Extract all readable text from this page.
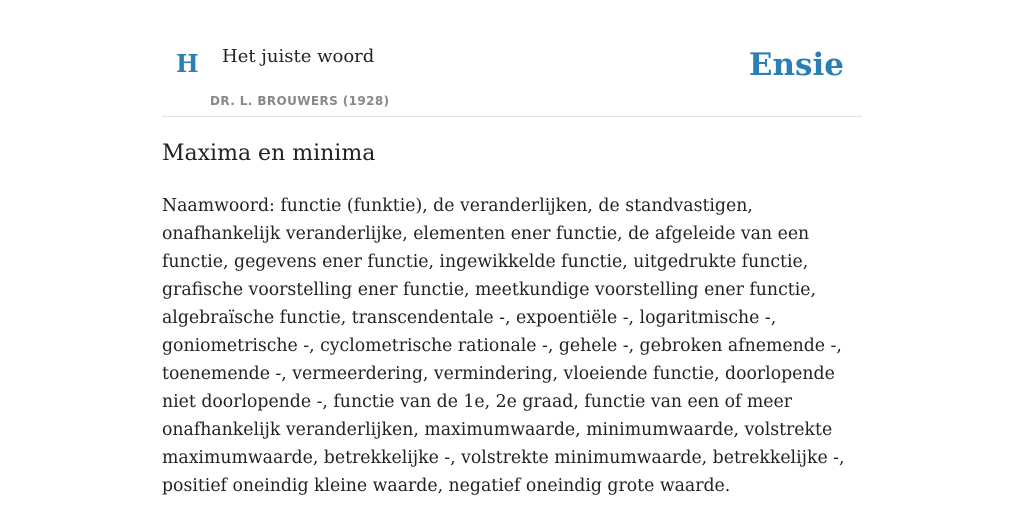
H Het juiste woord
DR. L. BROUWERS (1928)
Ensie
Maxima en minima

Naamwoord: functie (funktie), de veranderlijken, de standvastigen, onafhankelijk veranderlijke, elementen ener functie, de afgeleide van een functie, gegevens ener functie, ingewikkelde functie, uitgedrukte functie, grafische voorstelling ener functie, meetkundige voorstelling ener functie, algebraïsche functie, transcendentale -, expoentiële -, logaritmische -, goniometrische -, cyclometrische rationale -, gehele -, gebroken afnemende -, toenemende -, vermeerdering, vermindering, vloeiende functie, doorlopende niet doorlopende -, functie van de 1e, 2e graad, functie van een of meer onafhankelijk veranderlijken, maximumwaarde, minimumwaarde, volstrekte maximumwaarde, betrekkelijke -, volstrekte minimumwaarde, betrekkelijke -, positief oneindig kleine waarde, negatief oneindig grote waarde.
